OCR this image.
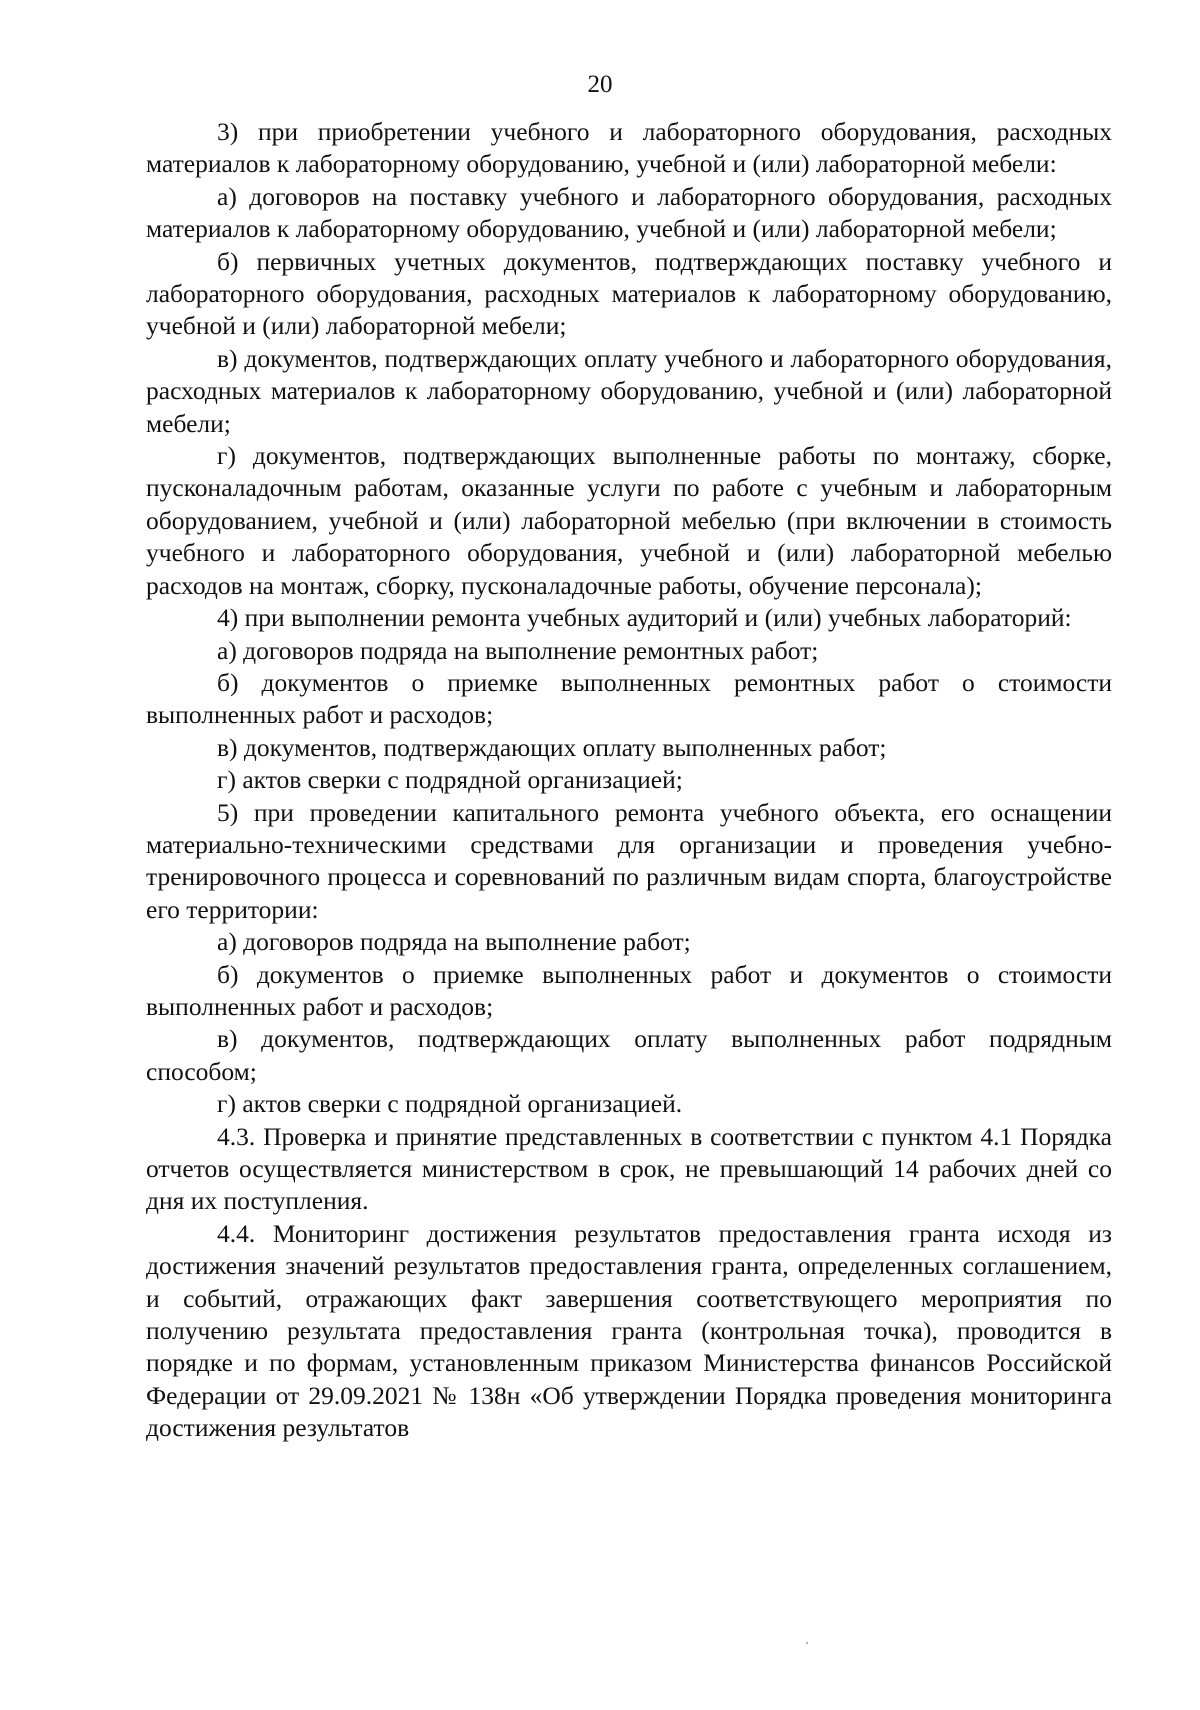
20

3) при приобретении учебного и лабораторного оборудования, расходных материалов к лабораторному оборудованию, учебной и (или) лабораторной мебели:

а) договоров на поставку учебного и лабораторного оборудования, расходных материалов к лабораторному оборудованию, учебной и (или) лабораторной мебели;

б) первичных учетных документов, подтверждающих поставку учебного и лабораторного оборудования, расходных материалов к лабораторному оборудованию, учебной и (или) лабораторной мебели;

в) документов, подтверждающих оплату учебного и лабораторного оборудования, расходных материалов к лабораторному оборудованию, учебной и (или) лабораторной мебели;

г) документов, подтверждающих выполненные работы по монтажу, сборке, пусконаладочным работам, оказанные услуги по работе с учебным и лабораторным оборудованием, учебной и (или) лабораторной мебелью (при включении в стоимость учебного и лабораторного оборудования, учебной и (или) лабораторной мебелью расходов на монтаж, сборку, пусконаладочные работы, обучение персонала);

4) при выполнении ремонта учебных аудиторий и (или) учебных лабораторий:

а) договоров подряда на выполнение ремонтных работ;

б) документов о приемке выполненных ремонтных работ о стоимости выполненных работ и расходов;

в) документов, подтверждающих оплату выполненных работ;

г) актов сверки с подрядной организацией;

5) при проведении капитального ремонта учебного объекта, его оснащении материально-техническими средствами для организации и проведения учебно-тренировочного процесса и соревнований по различным видам спорта, благоустройстве его территории:

а) договоров подряда на выполнение работ;

б) документов о приемке выполненных работ и документов о стоимости выполненных работ и расходов;

в) документов, подтверждающих оплату выполненных работ подрядным способом;

г) актов сверки с подрядной организацией.

4.3. Проверка и принятие представленных в соответствии с пунктом 4.1 Порядка отчетов осуществляется министерством в срок, не превышающий 14 рабочих дней со дня их поступления.

4.4. Мониторинг достижения результатов предоставления гранта исходя из достижения значений результатов предоставления гранта, определенных соглашением, и событий, отражающих факт завершения соответствующего мероприятия по получению результата предоставления гранта (контрольная точка), проводится в порядке и по формам, установленным приказом Министерства финансов Российской Федерации от 29.09.2021 № 138н «Об утверждении Порядка проведения мониторинга достижения результатов
